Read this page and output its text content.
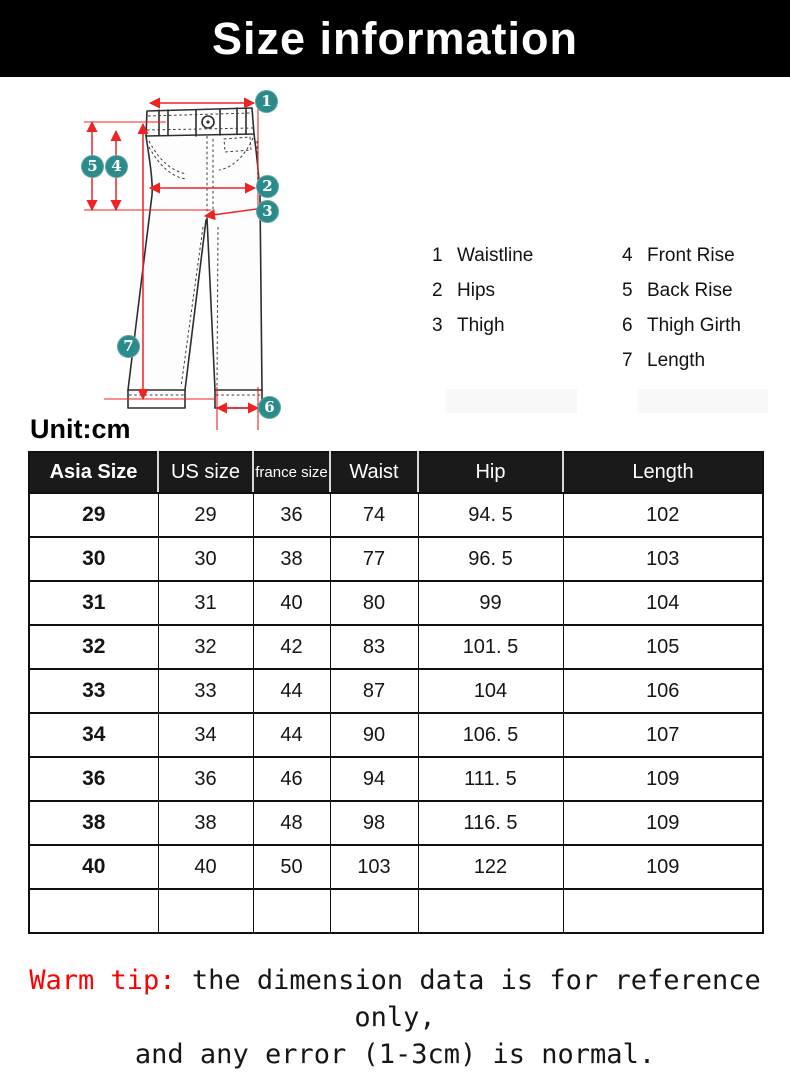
Size information
1
2
3
4
5
6
7
1 Waistline
2 Hips
3 Thigh
4 Front Rise
5 Back Rise
6 Thigh Girth
7 Length
Unit:cm
Asia Size	US size	france size	Waist	Hip	Length
29	29	36	74	94. 5	102
30	30	38	77	96. 5	103
31	31	40	80	99	104
32	32	42	83	101. 5	105
33	33	44	87	104	106
34	34	44	90	106. 5	107
36	36	46	94	111. 5	109
38	38	48	98	116. 5	109
40	40	50	103	122	109

Warm tip: the dimension data is for reference only,
and any error (1-3cm) is normal.
